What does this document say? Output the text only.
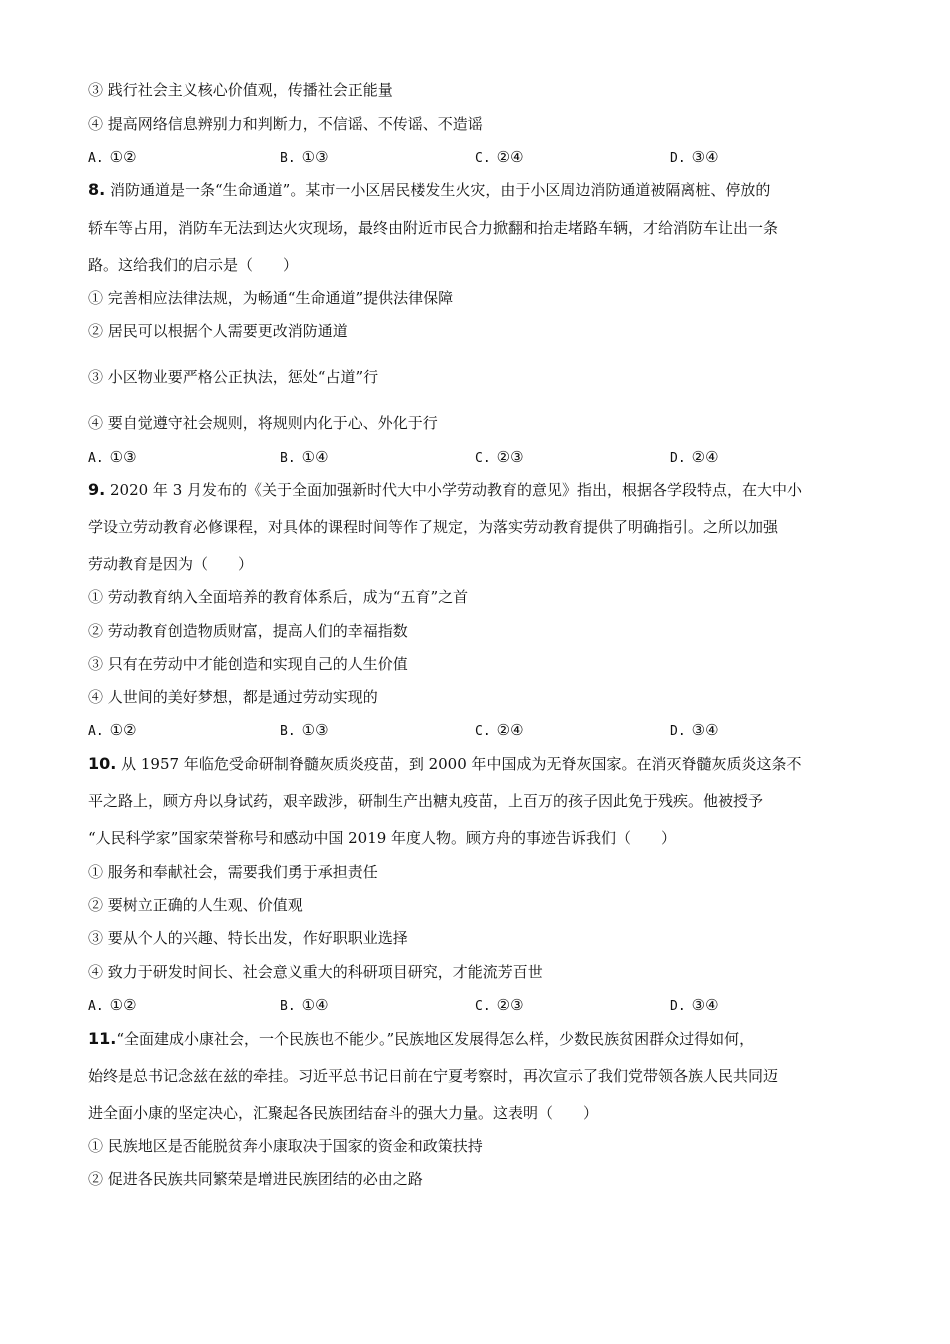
③ 践行社会主义核心价值观，传播社会正能量
④ 提高网络信息辨别力和判断力，不信谣、不传谣、不造谣
A. ①②	B. ①③	C. ②④	D. ③④
8. 消防通道是一条“生命通道”。某市一小区居民楼发生火灾，由于小区周边消防通道被隔离桩、停放的
轿车等占用，消防车无法到达火灾现场，最终由附近市民合力掀翻和抬走堵路车辆，才给消防车让出一条
路。这给我们的启示是（　　）
① 完善相应法律法规，为畅通“生命通道”提供法律保障
② 居民可以根据个人需要更改消防通道
③ 小区物业要严格公正执法，惩处“占道”行
④ 要自觉遵守社会规则，将规则内化于心、外化于行
A. ①③	B. ①④	C. ②③	D. ②④
9. 2020 年 3 月发布的《关于全面加强新时代大中小学劳动教育的意见》指出，根据各学段特点，在大中小
学设立劳动教育必修课程，对具体的课程时间等作了规定，为落实劳动教育提供了明确指引。之所以加强
劳动教育是因为（　　）
① 劳动教育纳入全面培养的教育体系后，成为“五育”之首
② 劳动教育创造物质财富，提高人们的幸福指数
③ 只有在劳动中才能创造和实现自己的人生价值
④ 人世间的美好梦想，都是通过劳动实现的
A. ①②	B. ①③	C. ②④	D. ③④
10. 从 1957 年临危受命研制脊髓灰质炎疫苗，到 2000 年中国成为无脊灰国家。在消灭脊髓灰质炎这条不
平之路上，顾方舟以身试药，艰辛跋涉，研制生产出糖丸疫苗，上百万的孩子因此免于残疾。他被授予
“人民科学家”国家荣誉称号和感动中国 2019 年度人物。顾方舟的事迹告诉我们（　　）
① 服务和奉献社会，需要我们勇于承担责任
② 要树立正确的人生观、价值观
③ 要从个人的兴趣、特长出发，作好职职业选择
④ 致力于研发时间长、社会意义重大的科研项目研究，才能流芳百世
A. ①②	B. ①④	C. ②③	D. ③④
11.“全面建成小康社会，一个民族也不能少。”民族地区发展得怎么样，少数民族贫困群众过得如何，
始终是总书记念兹在兹的牵挂。习近平总书记日前在宁夏考察时，再次宣示了我们党带领各族人民共同迈
进全面小康的坚定决心，汇聚起各民族团结奋斗的强大力量。这表明（　　）
① 民族地区是否能脱贫奔小康取决于国家的资金和政策扶持
② 促进各民族共同繁荣是增进民族团结的必由之路
